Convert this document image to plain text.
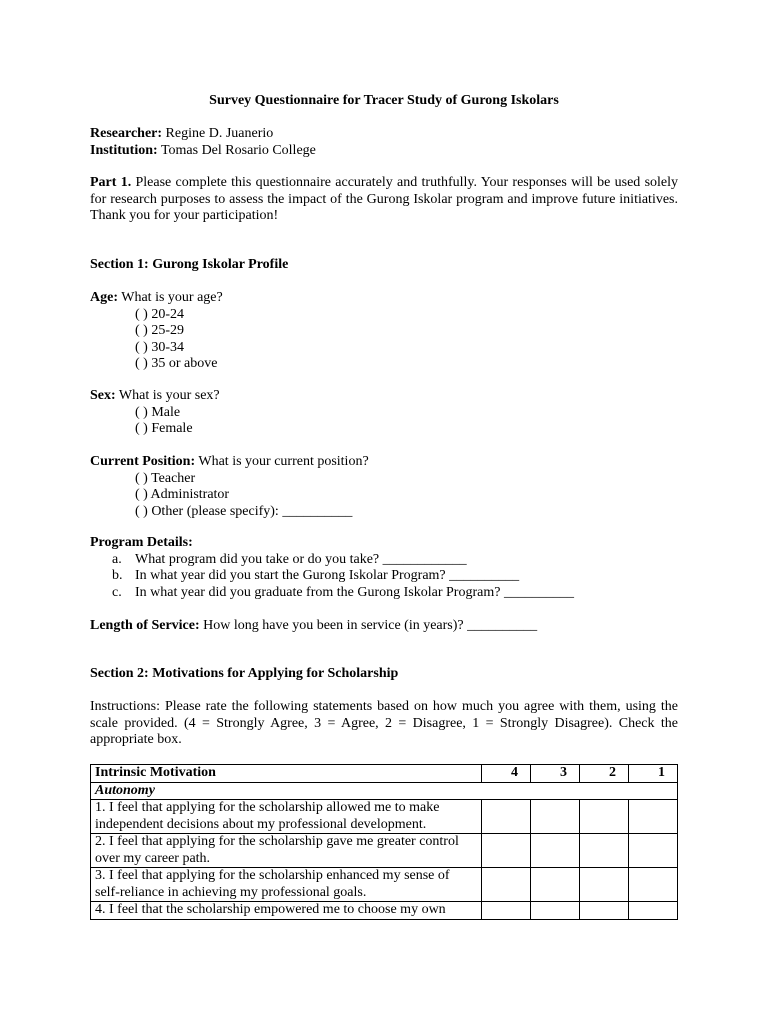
Survey Questionnaire for Tracer Study of Gurong Iskolars
Researcher: Regine D. Juanerio
Institution: Tomas Del Rosario College
Part 1. Please complete this questionnaire accurately and truthfully. Your responses will be used solely for research purposes to assess the impact of the Gurong Iskolar program and improve future initiatives. Thank you for your participation!
Section 1: Gurong Iskolar Profile
Age: What is your age?
( ) 20-24
( ) 25-29
( ) 30-34
( ) 35 or above
Sex: What is your sex?
( ) Male
( ) Female
Current Position: What is your current position?
( ) Teacher
( ) Administrator
( ) Other (please specify): __________
Program Details:
a. What program did you take or do you take? ____________
b. In what year did you start the Gurong Iskolar Program? __________
c. In what year did you graduate from the Gurong Iskolar Program? __________
Length of Service: How long have you been in service (in years)? __________
Section 2: Motivations for Applying for Scholarship
Instructions: Please rate the following statements based on how much you agree with them, using the scale provided. (4 = Strongly Agree, 3 = Agree, 2 = Disagree, 1 = Strongly Disagree). Check the appropriate box.
Intrinsic Motivation	4	3	2	1
Autonomy				
1. I feel that applying for the scholarship allowed me to make independent decisions about my professional development.				
2. I feel that applying for the scholarship gave me greater control over my career path.				
3. I feel that applying for the scholarship enhanced my sense of self-reliance in achieving my professional goals.				
4. I feel that the scholarship empowered me to choose my own				
